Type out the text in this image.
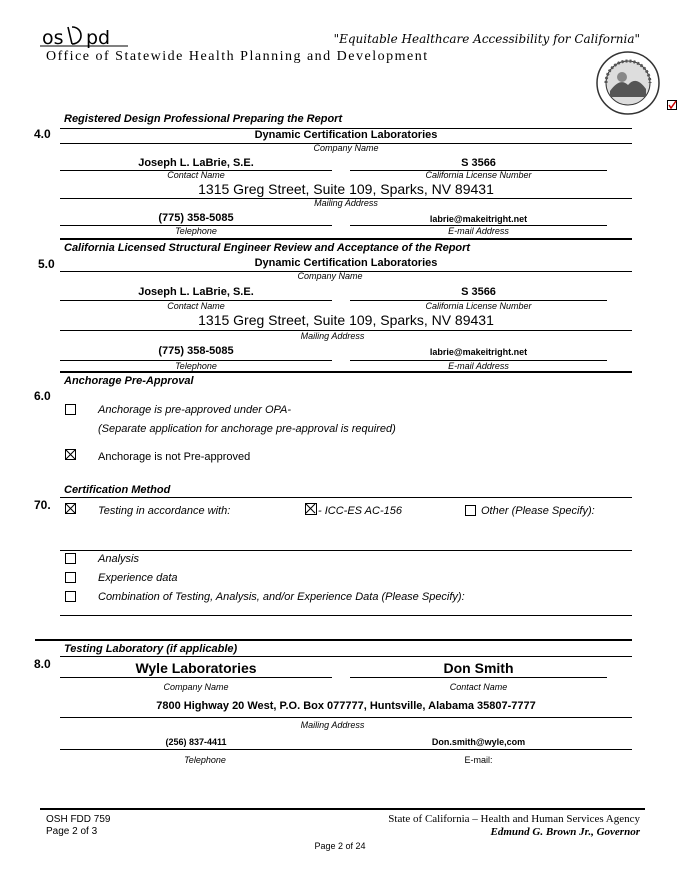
os pd	"Equitable Healthcare Accessibility for California"
Office of Statewide Health Planning and Development
Registered Design Professional Preparing the Report
4.0	Dynamic Certification Laboratories
Company Name
Joseph L. LaBrie, S.E.	S 3566
Contact Name	California License Number
1315 Greg Street, Suite 109, Sparks, NV 89431
Mailing Address
(775) 358-5085	labrie@makeitright.net
Telephone	E-mail Address
California Licensed Structural Engineer Review and Acceptance of the Report
5.0	Dynamic Certification Laboratories
Company Name
Joseph L. LaBrie, S.E.	S 3566
Contact Name	California License Number
1315 Greg Street, Suite 109, Sparks, NV 89431
Mailing Address
(775) 358-5085	labrie@makeitright.net
Telephone	E-mail Address
Anchorage Pre-Approval
6.0
Anchorage is pre-approved under OPA-
(Separate application for anchorage pre-approval is required)
Anchorage is not Pre-approved
Certification Method
70.	Testing in accordance with:	- ICC-ES AC-156	Other (Please Specify):
Analysis
Experience data
Combination of Testing, Analysis, and/or Experience Data (Please Specify):
Testing Laboratory (if applicable)
8.0	Wyle Laboratories	Don Smith
Company Name	Contact Name
7800 Highway 20 West, P.O. Box 077777, Huntsville, Alabama 35807-7777
Mailing Address
(256) 837-4411	Don.smith@wyle,com
Telephone	E-mail:
OSH FDD 759
Page 2 of 3
State of California – Health and Human Services Agency
Edmund G. Brown Jr., Governor
Page 2 of 24
